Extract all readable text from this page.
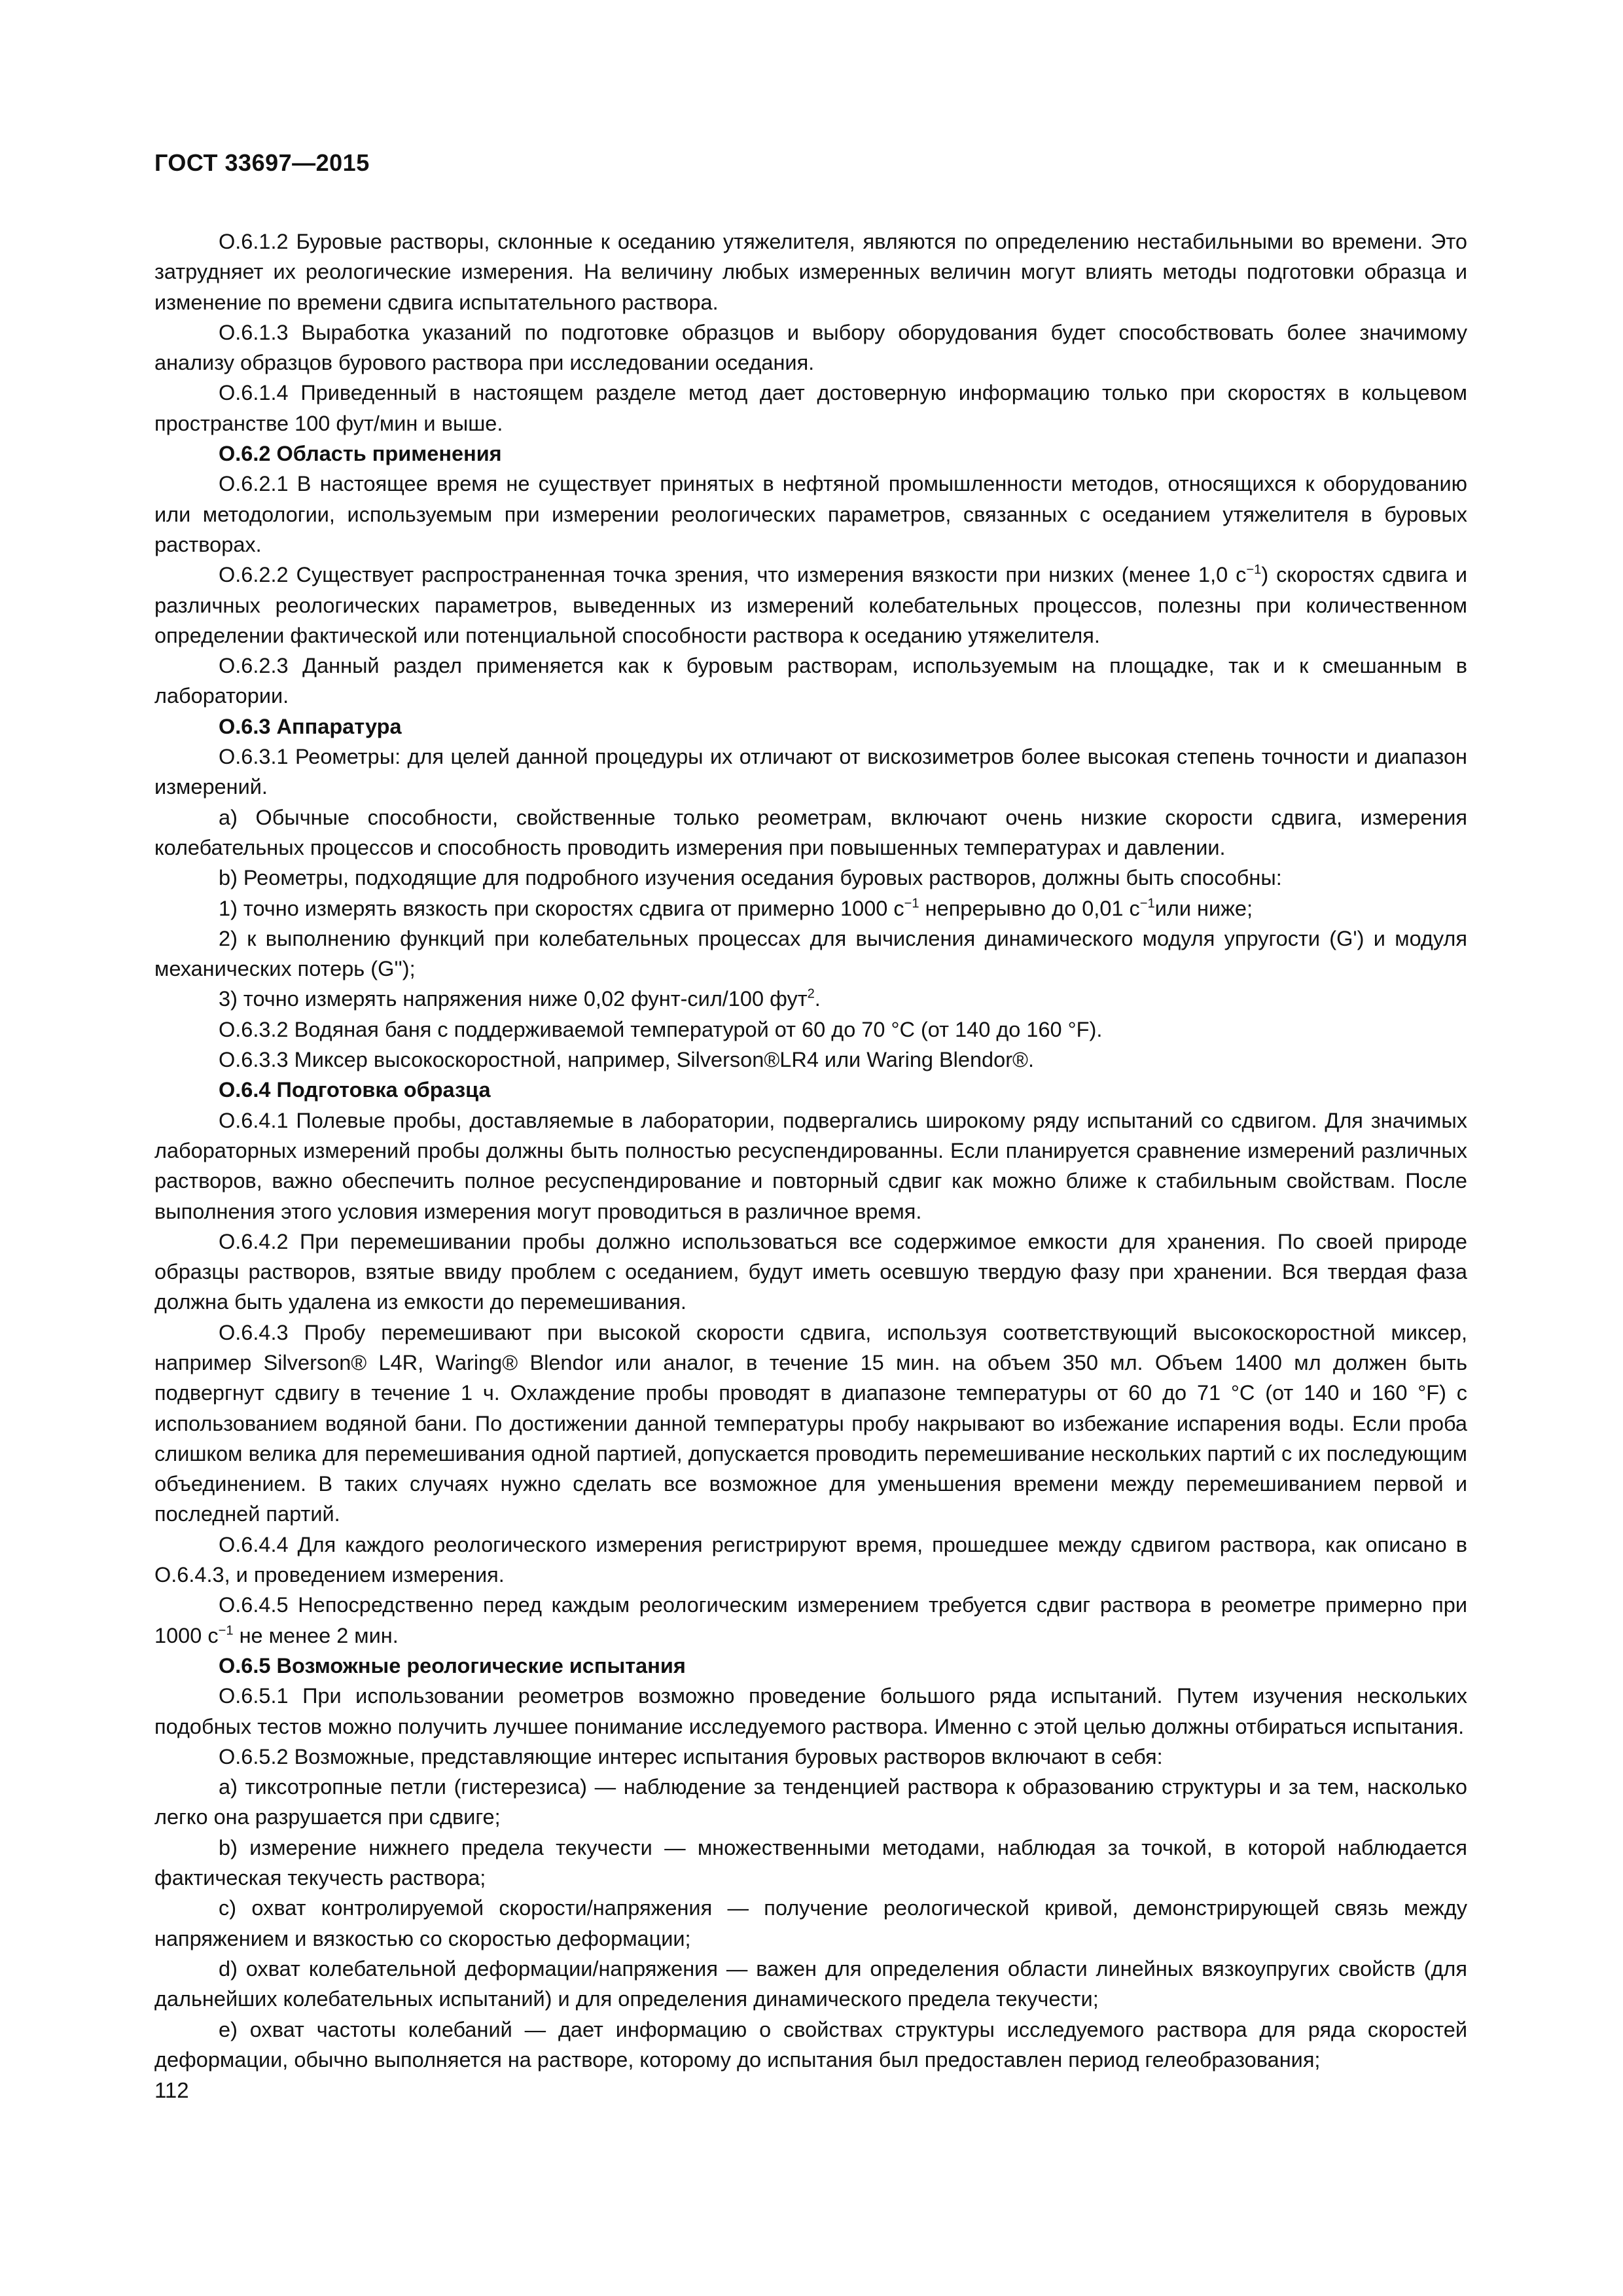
ГОСТ 33697—2015

О.6.1.2 Буровые растворы, склонные к оседанию утяжелителя, являются по определению нестабильными во времени. Это затрудняет их реологические измерения. На величину любых измеренных величин могут влиять методы подготовки образца и изменение по времени сдвига испытательного раствора.

О.6.1.3 Выработка указаний по подготовке образцов и выбору оборудования будет способствовать более значимому анализу образцов бурового раствора при исследовании оседания.

О.6.1.4 Приведенный в настоящем разделе метод дает достоверную информацию только при скоростях в кольцевом пространстве 100 фут/мин и выше.

О.6.2 Область применения

О.6.2.1 В настоящее время не существует принятых в нефтяной промышленности методов, относящихся к оборудованию или методологии, используемым при измерении реологических параметров, связанных с оседанием утяжелителя в буровых растворах.

О.6.2.2 Существует распространенная точка зрения, что измерения вязкости при низких (менее 1,0 $с^{-1}$) скоростях сдвига и различных реологических параметров, выведенных из измерений колебательных процессов, полезны при количественном определении фактической или потенциальной способности раствора к оседанию утяжелителя.

О.6.2.3 Данный раздел применяется как к буровым растворам, используемым на площадке, так и к смешанным в лаборатории.

О.6.3 Аппаратура

О.6.3.1 Реометры: для целей данной процедуры их отличают от вискозиметров более высокая степень точности и диапазон измерений.

a) Обычные способности, свойственные только реометрам, включают очень низкие скорости сдвига, измерения колебательных процессов и способность проводить измерения при повышенных температурах и давлении.

b) Реометры, подходящие для подробного изучения оседания буровых растворов, должны быть способны:

1) точно измерять вязкость при скоростях сдвига от примерно 1000 $с^{-1}$ непрерывно до 0,01 $с^{-1}или$ ниже;

2) к выполнению функций при колебательных процессах для вычисления динамического модуля упругости (G') и модуля механических потерь (G'');

3) точно измерять напряжения ниже 0,02 фунт-сил/100 фут$^2$.

О.6.3.2 Водяная баня с поддерживаемой температурой от 60 до 70 °С (от 140 до 160 °F).

О.6.3.3 Миксер высокоскоростной, например, Silverson®LR4 или Waring Blendor®.

О.6.4 Подготовка образца

О.6.4.1 Полевые пробы, доставляемые в лаборатории, подвергались широкому ряду испытаний со сдвигом. Для значимых лабораторных измерений пробы должны быть полностью ресуспендированны. Если планируется сравнение измерений различных растворов, важно обеспечить полное ресуспендирование и повторный сдвиг как можно ближе к стабильным свойствам. После выполнения этого условия измерения могут проводиться в различное время.

О.6.4.2 При перемешивании пробы должно использоваться все содержимое емкости для хранения. По своей природе образцы растворов, взятые ввиду проблем с оседанием, будут иметь осевшую твердую фазу при хранении. Вся твердая фаза должна быть удалена из емкости до перемешивания.

О.6.4.3 Пробу перемешивают при высокой скорости сдвига, используя соответствующий высокоскоростной миксер, например Silverson® L4R, Waring® Blendor или аналог, в течение 15 мин. на объем 350 мл. Объем 1400 мл должен быть подвергнут сдвигу в течение 1 ч. Охлаждение пробы проводят в диапазоне температуры от 60 до 71 °С (от 140 и 160 °F) с использованием водяной бани. По достижении данной температуры пробу накрывают во избежание испарения воды. Если проба слишком велика для перемешивания одной партией, допускается проводить перемешивание нескольких партий с их последующим объединением. В таких случаях нужно сделать все возможное для уменьшения времени между перемешиванием первой и последней партий.

О.6.4.4 Для каждого реологического измерения регистрируют время, прошедшее между сдвигом раствора, как описано в О.6.4.3, и проведением измерения.

О.6.4.5 Непосредственно перед каждым реологическим измерением требуется сдвиг раствора в реометре примерно при 1000 $с^{-1}$ не менее 2 мин.

О.6.5 Возможные реологические испытания

О.6.5.1 При использовании реометров возможно проведение большого ряда испытаний. Путем изучения нескольких подобных тестов можно получить лучшее понимание исследуемого раствора. Именно с этой целью должны отбираться испытания.

О.6.5.2 Возможные, представляющие интерес испытания буровых растворов включают в себя:

a) тиксотропные петли (гистерезиса) — наблюдение за тенденцией раствора к образованию структуры и за тем, насколько легко она разрушается при сдвиге;

b) измерение нижнего предела текучести — множественными методами, наблюдая за точкой, в которой наблюдается фактическая текучесть раствора;

c) охват контролируемой скорости/напряжения — получение реологической кривой, демонстрирующей связь между напряжением и вязкостью со скоростью деформации;

d) охват колебательной деформации/напряжения — важен для определения области линейных вязкоупругих свойств (для дальнейших колебательных испытаний) и для определения динамического предела текучести;

e) охват частоты колебаний — дает информацию о свойствах структуры исследуемого раствора для ряда скоростей деформации, обычно выполняется на растворе, которому до испытания был предоставлен период гелеобразования;

112
